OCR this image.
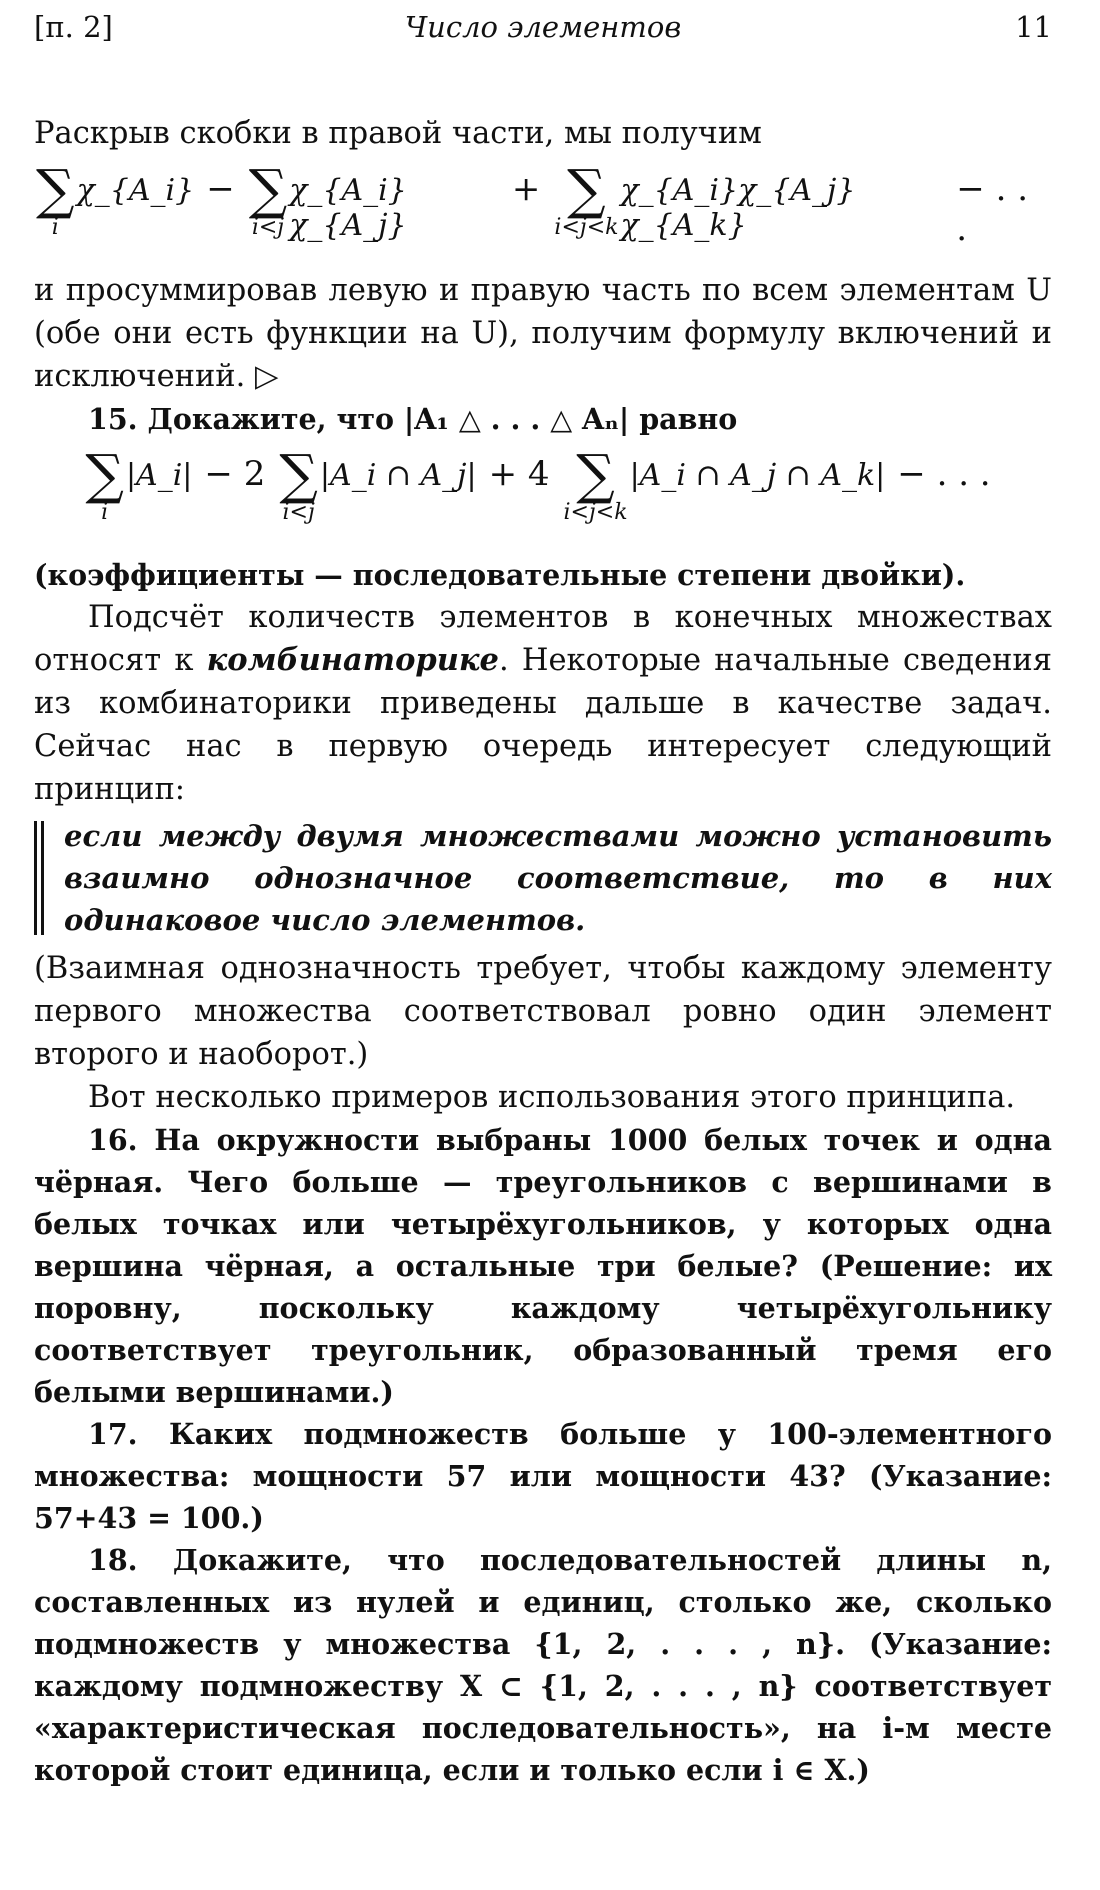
[п. 2]	Число элементов	11

Раскрыв скобки в правой части, мы получим

∑
i
χ_{A_i} − ∑
i<j
χ_{A_i}χ_{A_j}
+ ∑
i<j<k
χ_{A_i}χ_{A_j}χ_{A_k}
− . . .

и просуммировав левую и правую часть по всем элементам U (обе они есть функции на U), получим формулу включений и исключений. ▷

15. Докажите, что |A₁ △ . . . △ Aₙ| равно

∑
i
|A_i| − 2 ∑
i<j
|A_i ∩ A_j| + 4 ∑
i<j<k
|A_i ∩ A_j ∩ A_k| − . . .

(коэффициенты — последовательные степени двойки).

Подсчёт количеств элементов в конечных множествах относят к комбинаторике. Некоторые начальные сведения из комбинаторики приведены дальше в качестве задач. Сейчас нас в первую очередь интересует следующий принцип:

если между двумя множествами можно установить взаимно однозначное соответствие, то в них одинаковое число элементов.

(Взаимная однозначность требует, чтобы каждому элементу первого множества соответствовал ровно один элемент второго и наоборот.)

Вот несколько примеров использования этого принципа.

16. На окружности выбраны 1000 белых точек и одна чёрная. Чего больше — треугольников с вершинами в белых точках или четырёхугольников, у которых одна вершина чёрная, а остальные три белые? (Решение: их поровну, поскольку каждому четырёхугольнику соответствует треугольник, образованный тремя его белыми вершинами.)

17. Каких подмножеств больше у 100-элементного множества: мощности 57 или мощности 43? (Указание: 57+43 = 100.)

18. Докажите, что последовательностей длины n, составленных из нулей и единиц, столько же, сколько подмножеств у множества {1, 2, . . . , n}. (Указание: каждому подмножеству X ⊂ {1, 2, . . . , n} соответствует «характеристическая последовательность», на i-м месте которой стоит единица, если и только если i ∈ X.)
